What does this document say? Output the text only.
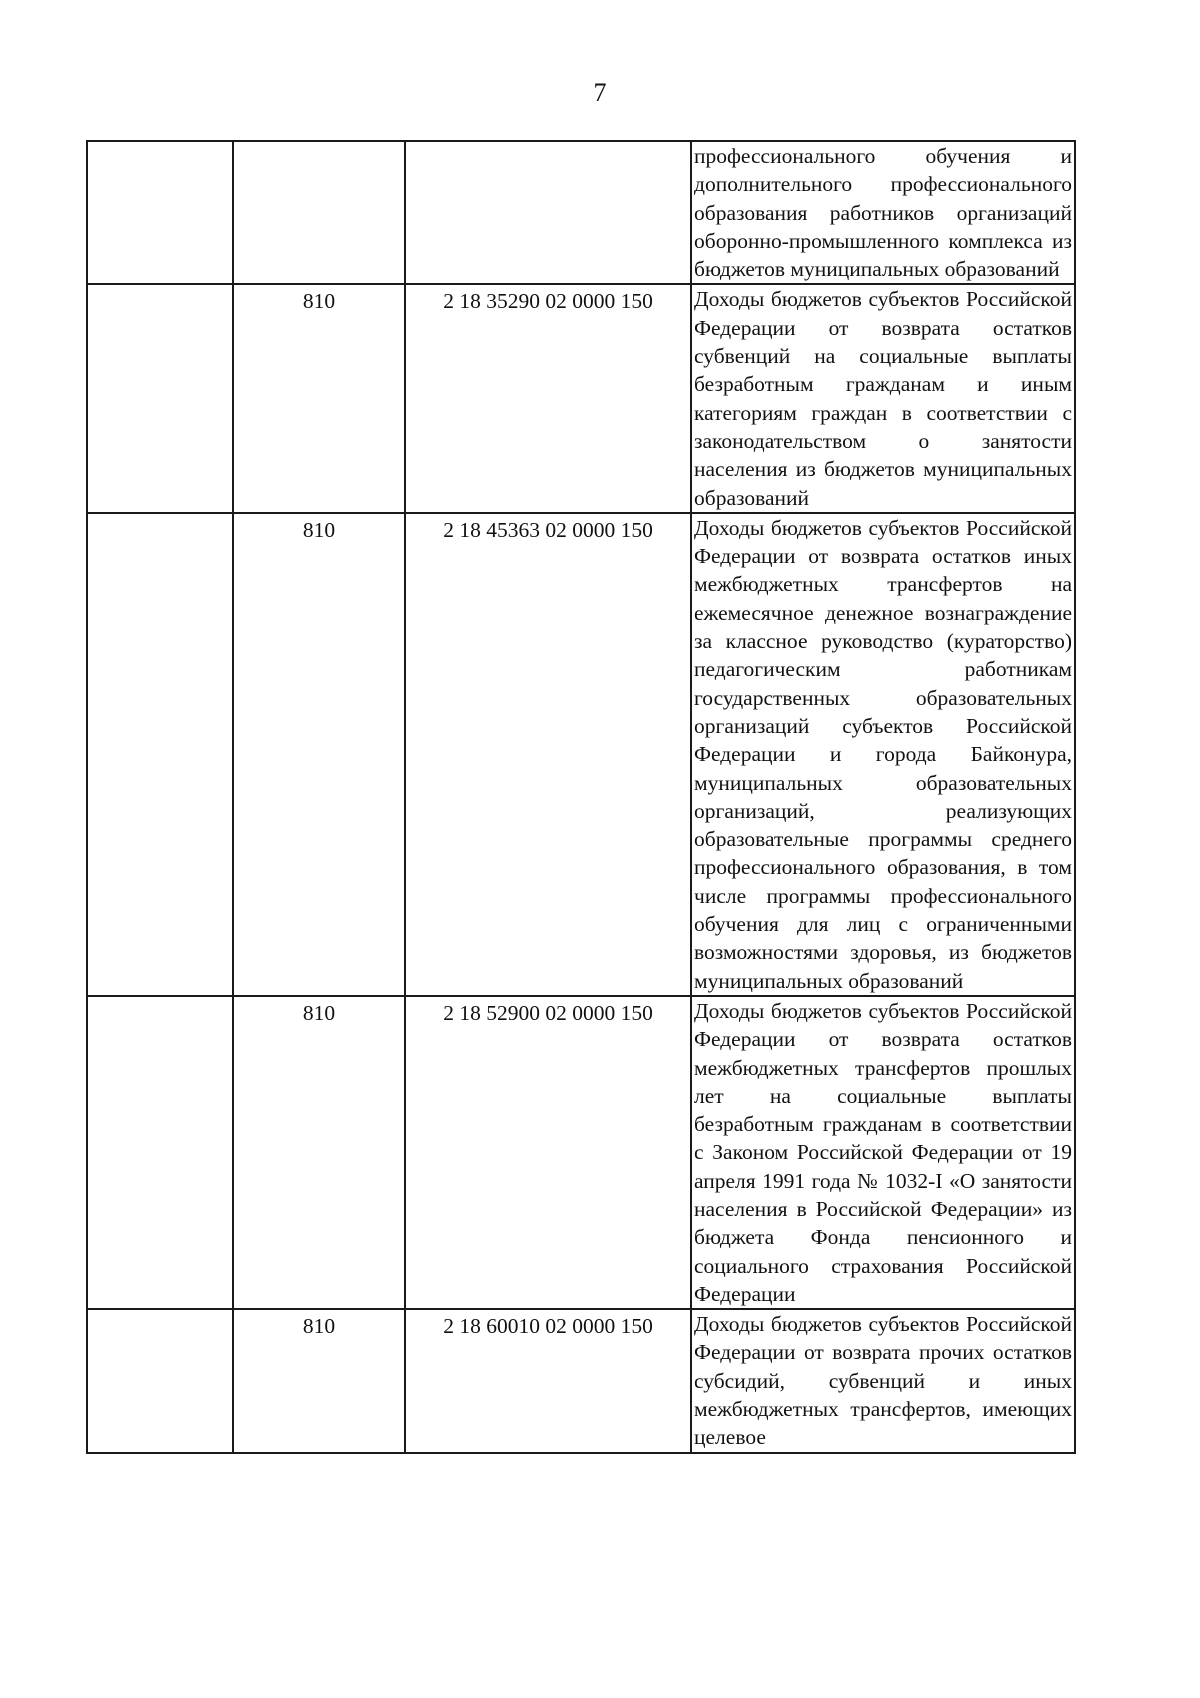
7
			профессионального обучения и дополнительного профессионального образования работников организаций оборонно-промышленного комплекса из бюджетов муниципальных образований
	810	2 18 35290 02 0000 150	Доходы бюджетов субъектов Российской Федерации от возврата остатков субвенций на социальные выплаты безработным гражданам и иным категориям граждан в соответствии с законодательством о занятости населения из бюджетов муниципальных образований
	810	2 18 45363 02 0000 150	Доходы бюджетов субъектов Российской Федерации от возврата остатков иных межбюджетных трансфертов на ежемесячное денежное вознаграждение за классное руководство (кураторство) педагогическим работникам государственных образовательных организаций субъектов Российской Федерации и города Байконура, муниципальных образовательных организаций, реализующих образовательные программы среднего профессионального образования, в том числе программы профессионального обучения для лиц с ограниченными возможностями здоровья, из бюджетов муниципальных образований
	810	2 18 52900 02 0000 150	Доходы бюджетов субъектов Российской Федерации от возврата остатков межбюджетных трансфертов прошлых лет на социальные выплаты безработным гражданам в соответствии с Законом Российской Федерации от 19 апреля 1991 года № 1032-I «О занятости населения в Российской Федерации» из бюджета Фонда пенсионного и социального страхования Российской Федерации
	810	2 18 60010 02 0000 150	Доходы бюджетов субъектов Российской Федерации от возврата прочих остатков субсидий, субвенций и иных межбюджетных трансфертов, имеющих целевое
